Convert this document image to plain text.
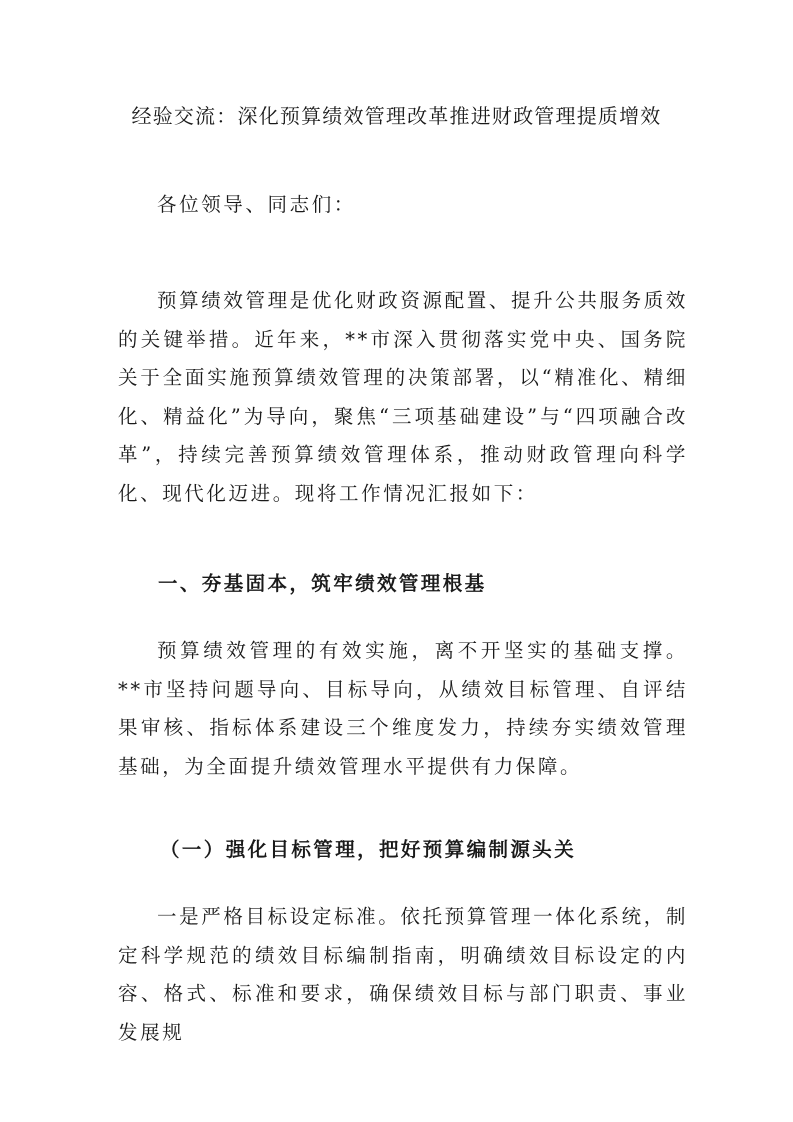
经验交流：深化预算绩效管理改革推进财政管理提质增效

各位领导、同志们：

预算绩效管理是优化财政资源配置、提升公共服务质效的关键举措。近年来，**市深入贯彻落实党中央、国务院关于全面实施预算绩效管理的决策部署，以“精准化、精细化、精益化”为导向，聚焦“三项基础建设”与“四项融合改革”，持续完善预算绩效管理体系，推动财政管理向科学化、现代化迈进。现将工作情况汇报如下：

一、夯基固本，筑牢绩效管理根基

预算绩效管理的有效实施，离不开坚实的基础支撑。**市坚持问题导向、目标导向，从绩效目标管理、自评结果审核、指标体系建设三个维度发力，持续夯实绩效管理基础，为全面提升绩效管理水平提供有力保障。

（一）强化目标管理，把好预算编制源头关

一是严格目标设定标准。依托预算管理一体化系统，制定科学规范的绩效目标编制指南，明确绩效目标设定的内容、格式、标准和要求，确保绩效目标与部门职责、事业发展规
